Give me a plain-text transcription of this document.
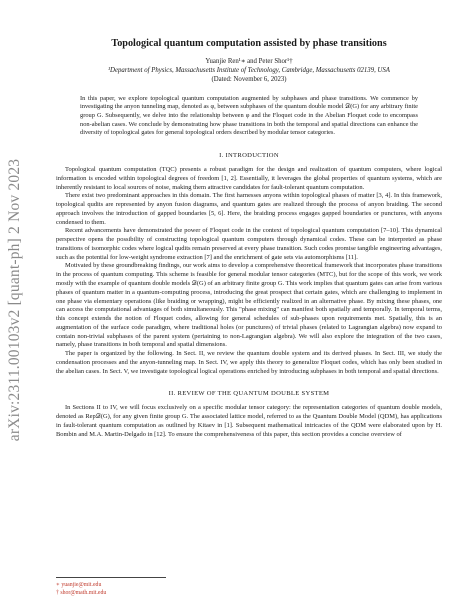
arXiv:2311.00103v2 [quant-ph] 2 Nov 2023
Topological quantum computation assisted by phase transitions
Yuanjie Ren¹∗ and Peter Shor¹†
¹Department of Physics, Massachusetts Institute of Technology, Cambridge, Massachusetts 02139, USA
(Dated: November 6, 2023)

In this paper, we explore topological quantum computation augmented by subphases and phase transitions. We commence by investigating the anyon tunneling map, denoted as φ, between subphases of the quantum double model 𝒟(G) for any arbitrary finite group G. Subsequently, we delve into the relationship between φ and the Floquet code in the Abelian Floquet code to encompass non-abelian cases. We conclude by demonstrating how phase transitions in both the temporal and spatial directions can enhance the diversity of topological gates for general topological orders described by modular tensor categories.

I. INTRODUCTION

Topological quantum computation (TQC) presents a robust paradigm for the design and realization of quantum computers, where logical information is encoded within topological degrees of freedom [1, 2]. Essentially, it leverages the global properties of quantum systems, which are inherently resistant to local sources of noise, making them attractive candidates for fault-tolerant quantum computation.

There exist two predominant approaches in this domain. The first harnesses anyons within topological phases of matter [3, 4]. In this framework, topological qudits are represented by anyon fusion diagrams, and quantum gates are realized through the process of anyon braiding. The second approach involves the introduction of gapped boundaries [5, 6]. Here, the braiding process engages gapped boundaries or punctures, with anyons condensed to them.

Recent advancements have demonstrated the power of Floquet code in the context of topological quantum computation [7–10]. This dynamical perspective opens the possibility of constructing topological quantum computers through dynamical codes. These can be interpreted as phase transitions of isomorphic codes where logical qudits remain preserved at every phase transition. Such codes promise tangible engineering advantages, such as the potential for low-weight syndrome extraction [7] and the enrichment of gate sets via automorphisms [11].

Motivated by these groundbreaking findings, our work aims to develop a comprehensive theoretical framework that incorporates phase transitions in the process of quantum computing. This scheme is feasible for general modular tensor categories (MTC), but for the scope of this work, we work mostly with the example of quantum double models 𝒟(G) of an arbitrary finite group G. This work implies that quantum gates can arise from various phases of quantum matter in a quantum-computing process, introducing the great prospect that certain gates, which are challenging to implement in one phase via elementary operations (like braiding or wrapping), might be efficiently realized in an alternative phase. By mixing these phases, one can access the computational advantages of both simultaneously. This "phase mixing" can manifest both spatially and temporally. In temporal terms, this concept extends the notion of Floquet codes, allowing for general schedules of sub-phases upon requirements met. Spatially, this is an augmentation of the surface code paradigm, where traditional holes (or punctures) of trivial phases (related to Lagrangian algebra) now expand to contain non-trivial subphases of the parent system (pertaining to non-Lagrangian algebra). We will also explore the integration of the two cases, namely, phase transitions in both temporal and spatial dimensions.

The paper is organized by the following. In Sect. II, we review the quantum double system and its derived phases. In Sect. III, we study the condensation processes and the anyon-tunneling map. In Sect. IV, we apply this theory to generalize Floquet codes, which has only been studied in the abelian cases. In Sect. V, we investigate topological logical operations enriched by introducing subphases in both temporal and spatial directions.

II. REVIEW OF THE QUANTUM DOUBLE SYSTEM

In Sections II to IV, we will focus exclusively on a specific modular tensor category: the representation categories of quantum double models, denoted as Rep𝒟(G), for any given finite group G. The associated lattice model, referred to as the Quantum Double Model (QDM), has applications in fault-tolerant quantum computation as outlined by Kitaev in [1]. Subsequent mathematical intricacies of the QDM were elaborated upon by H. Bombin and M.A. Martin-Delgado in [12]. To ensure the comprehensiveness of this paper, this section provides a concise overview of

∗ yuanjie@mit.edu
† shor@math.mit.edu
